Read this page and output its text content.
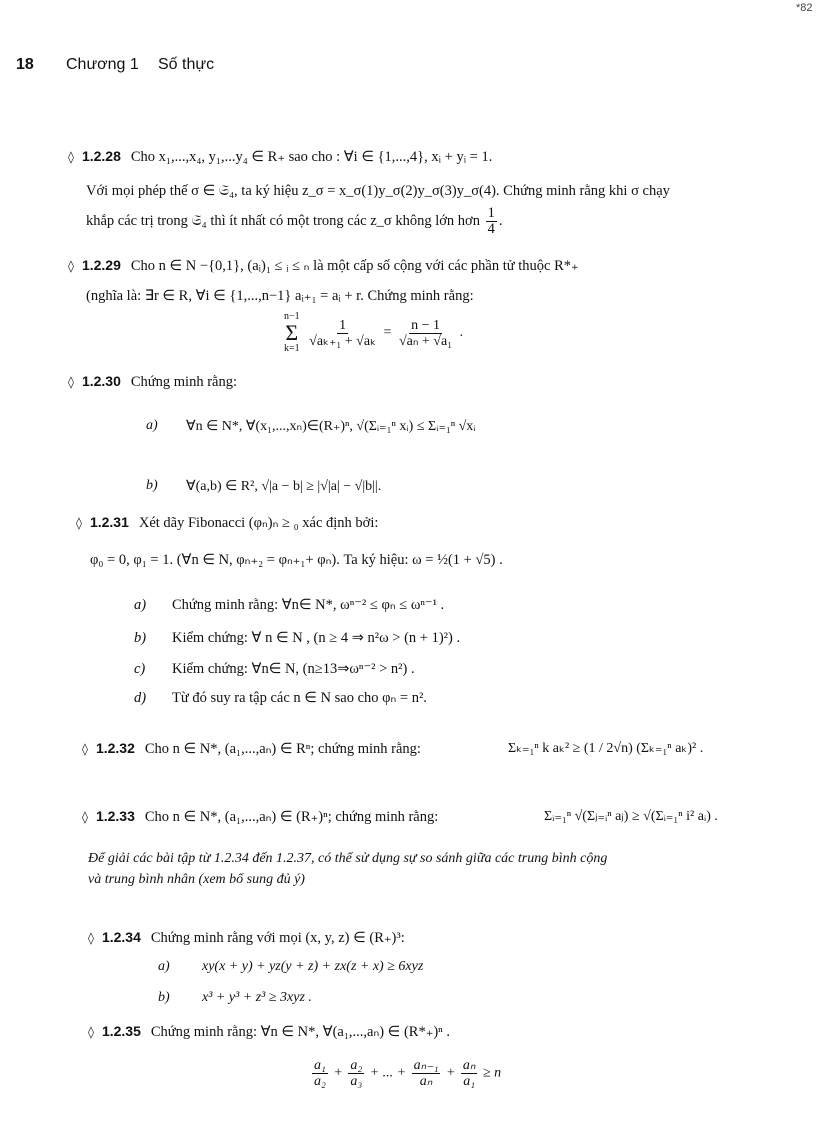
*82
18 Chương 1 Số thực
◊ 1.2.28 Cho x₁,...,x₄, y₁,...y₄ ∈ R₊ sao cho : ∀i ∈ {1,...,4}, xᵢ + yᵢ = 1.
Với mọi phép thế σ ∈ 𝔖₄, ta ký hiệu z_σ = x_σ(1)y_σ(2)y_σ(3)y_σ(4). Chứng minh rằng khi σ chạy
khắp các trị trong 𝔖₄ thì ít nhất có một trong các z_σ không lớn hơn $\frac{1}{4}$ .
◊ 1.2.29 Cho n ∈ N −{0,1}, (aᵢ)₁ ≤ ᵢ ≤ ₙ là một cấp số cộng với các phần tử thuộc R*₊
(nghĩa là: ∃r ∈ R, ∀i ∈ {1,...,n−1} aᵢ₊₁ = aᵢ + r. Chứng minh rằng:
n−1
Σ
k=1
$\frac{1}{\text{√aₖ₊₁ + √aₖ}} = \frac{n - 1}{\text{√aₙ + √a₁}}$ .
◊ 1.2.30 Chứng minh rằng:
a) ∀n ∈ N*, ∀(x₁,...,xₙ)∈(R₊)ⁿ, √(Σᵢ₌₁ⁿ xᵢ) ≤ Σᵢ₌₁ⁿ √xᵢ
b) ∀(a,b) ∈ R², √|a − b| ≥ |√|a| − √|b||.
◊ 1.2.31 Xét dãy Fibonacci (φₙ)ₙ ≥ ₀ xác định bởi:
φ₀ = 0, φ₁ = 1. (∀n ∈ N, φₙ₊₂ = φₙ₊₁+ φₙ). Ta ký hiệu: ω = ½(1 + √5) .
a) Chứng minh rằng: ∀n∈ N*, ωⁿ⁻² ≤ φₙ ≤ ωⁿ⁻¹ .
b) Kiểm chứng: ∀ n ∈ N , (n ≥ 4 ⇒ n²ω > (n + 1)²) .
c) Kiểm chứng: ∀n∈ N, (n≥13⇒ωⁿ⁻² > n²) .
d) Từ đó suy ra tập các n ∈ N sao cho φₙ = n².
◊ 1.2.32 Cho n ∈ N*, (a₁,...,aₙ) ∈ Rⁿ; chứng minh rằng:	Σₖ₌₁ⁿ k aₖ² ≥ (1 / 2√n) (Σₖ₌₁ⁿ aₖ)² .
◊ 1.2.33 Cho n ∈ N*, (a₁,...,aₙ) ∈ (R₊)ⁿ; chứng minh rằng:	Σᵢ₌₁ⁿ √(Σⱼ₌ᵢⁿ aⱼ) ≥ √(Σᵢ₌₁ⁿ i² aᵢ) .
Để giải các bài tập từ 1.2.34 đến 1.2.37, có thể sử dụng sự so sánh giữa các trung bình cộng
và trung bình nhân (xem bổ sung đủ ý)
◊ 1.2.34 Chứng minh rằng với mọi (x, y, z) ∈ (R₊)³:
a) xy(x + y) + yz(y + z) + zx(z + x) ≥ 6xyz
b) x³ + y³ + z³ ≥ 3xyz .
◊ 1.2.35 Chứng minh rằng: ∀n ∈ N*, ∀(a₁,...,aₙ) ∈ (R*₊)ⁿ .
$\frac{\text{a₁}}{\text{a₂}} + \frac{\text{a₂}}{\text{a₃}}$ + ... + $\frac{\text{aₙ₋₁}}{\text{aₙ}} + \frac{\text{aₙ}}{\text{a₁}} \ge n$
